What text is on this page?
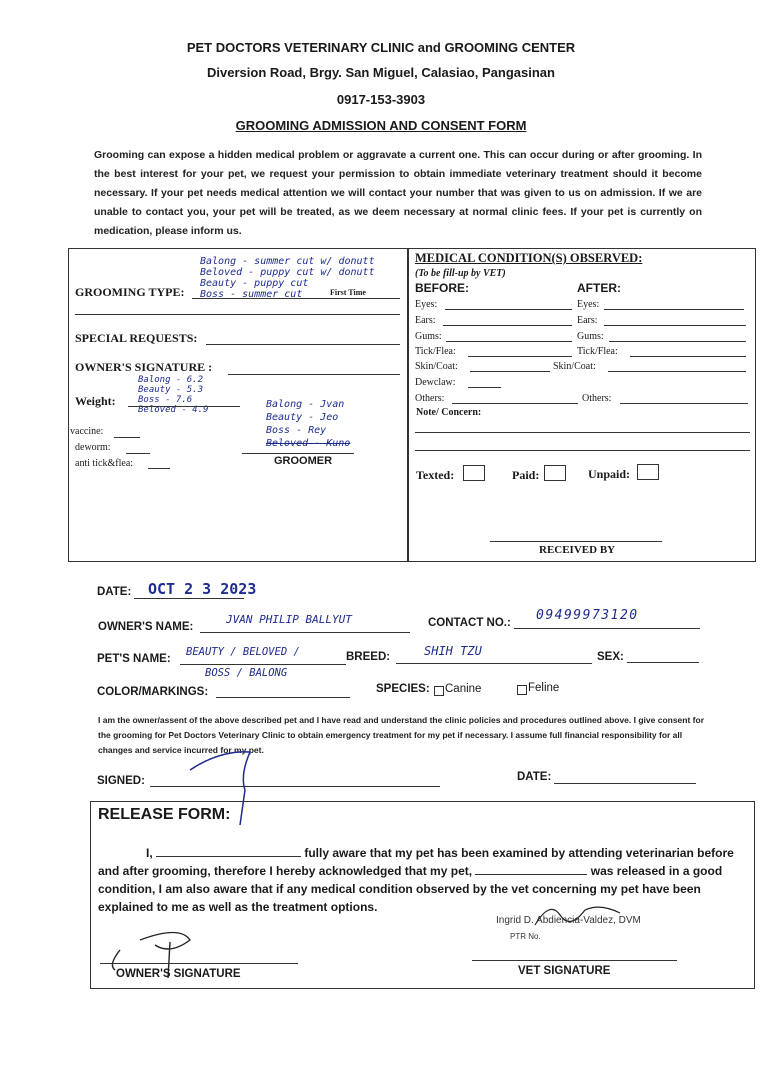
PET DOCTORS VETERINARY CLINIC and GROOMING CENTER
Diversion Road, Brgy. San Miguel, Calasiao, Pangasinan
0917-153-3903
GROOMING ADMISSION AND CONSENT FORM
Grooming can expose a hidden medical problem or aggravate a current one. This can occur during or after grooming. In the best interest for your pet, we request your permission to obtain immediate veterinary treatment should it become necessary. If your pet needs medical attention we will contact your number that was given to us on admission. If we are unable to contact you, your pet will be treated, as we deem necessary at normal clinic fees. If your pet is currently on medication, please inform us.
Balong - summer cut w/ donutt
Beloved - puppy cut w/ donutt
Beauty - puppy cut
Boss - summer cut
GROOMING TYPE:	First Time
SPECIAL REQUESTS:
OWNER'S SIGNATURE :
Weight:
Balong - 6.2
Beauty - 5.3
Boss - 7.6
Beloved - 4.9
vaccine:
deworm:
anti tick&flea:
Balong - Jvan
Beauty - Jeo
Boss - Rey
Beloved - Kuno
GROOMER
MEDICAL CONDITION(S) OBSERVED:
(To be fill-up by VET)
BEFORE:	AFTER:
Eyes:	Eyes:
Ears:	Ears:
Gums:	Gums:
Tick/Flea:	Tick/Flea:
Skin/Coat:	Skin/Coat:
Dewclaw:
Others:	Others:
Note/ Concern:
Texted:	Paid:	Unpaid:
RECEIVED BY
DATE: OCT 2 3 2023
OWNER'S NAME:
JVAN PHILIP BALLYUT	CONTACT NO.: 09499973120
PET'S NAME:
BEAUTY / BELOVED /
BOSS / BALONG
BREED:	SHIH TZU	SEX:
COLOR/MARKINGS:	SPECIES: Canine	Feline
I am the owner/assent of the above described pet and I have read and understand the clinic policies and procedures outlined above. I give consent for the grooming for Pet Doctors Veterinary Clinic to obtain emergency treatment for my pet if necessary. I assume full financial responsibility for all changes and service incurred for my pet.
SIGNED:	DATE:
RELEASE FORM:
I,	fully aware that my pet has been examined by attending veterinarian before and after grooming, therefore I hereby acknowledged that my pet,	was released in a good condition, I am also aware that if any medical condition observed by the vet concerning my pet have been explained to me as well as the treatment options.
Ingrid D. Abdiencia-Valdez, DVM
PTR No.
OWNER'S SIGNATURE	VET SIGNATURE
